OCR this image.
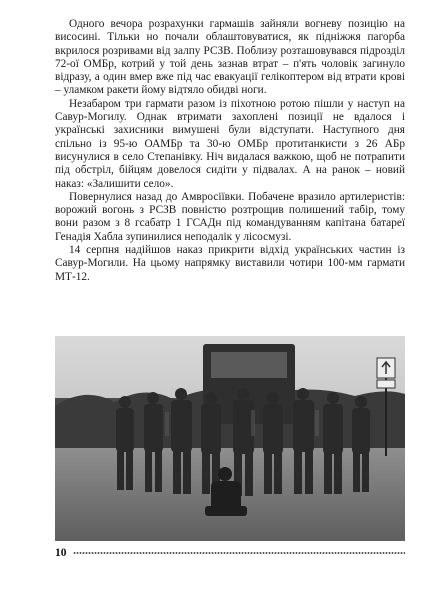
Одного вечора розрахунки гармашів зайняли вогневу позицію на висосині. Тільки но почали облаштовуватися, як підніжжя пагорба вкрилося розривами від залпу РСЗВ. Поблизу розташовувався підрозділ 72-ої ОМБр, котрий у той день зазнав втрат – п'ять чоловік загинуло відразу, а один вмер вже під час евакуації гелікоптером від втрати крові – уламком ракети йому відтяло обидві ноги.

Незабаром три гармати разом із піхотною ротою пішли у наступ на Савур-Могилу. Однак втримати захоплені позиції не вдалося і українські захисники вимушені були відступати. Наступного дня спільно із 95-ю ОАМБр та 30-ю ОМБр протитанкисти з 26 АБр висунулися в село Степанівку. Ніч видалася важкою, щоб не потрапити під обстріл, бійцям довелося сидіти у підвалах. А на ранок – новий наказ: «Залишити село».

Повернулися назад до Амвросіївки. Побачене вразило артилеристів: ворожий вогонь з РСЗВ повністю розтрощив полишений табір, тому вони разом з 8 гсабатр 1 ГСАДн під командуванням капітана батареї Генадія Хабла зупинилися неподалік у лісосмузі.

14 серпня надійшов наказ прикрити відхід українських частин із Савур-Могили. На цьому напрямку виставили чотири 100-мм гармати МТ-12.

10
